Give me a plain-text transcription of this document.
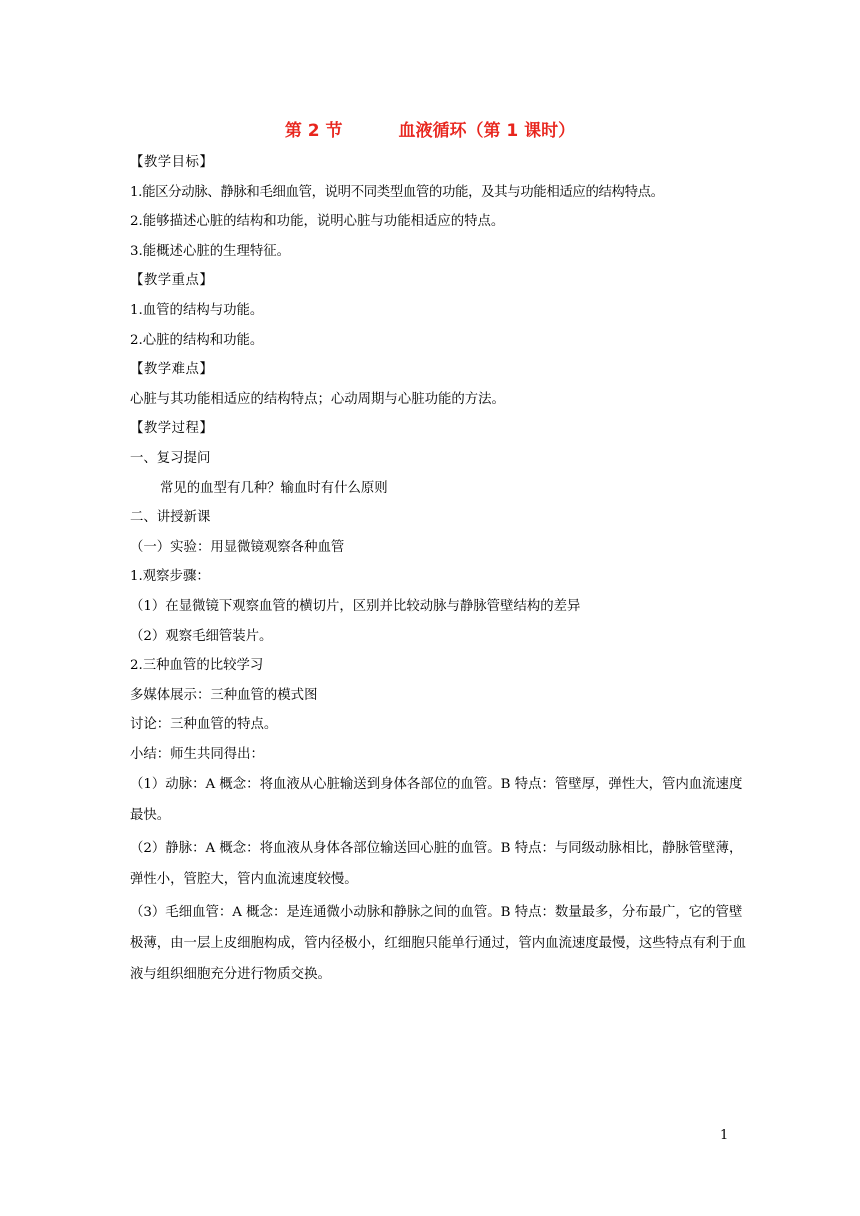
第 2 节	血液循环（第 1 课时）

【教学目标】

1.能区分动脉、静脉和毛细血管，说明不同类型血管的功能，及其与功能相适应的结构特点。

2.能够描述心脏的结构和功能，说明心脏与功能相适应的特点。

3.能概述心脏的生理特征。

【教学重点】

1.血管的结构与功能。

2.心脏的结构和功能。

【教学难点】

心脏与其功能相适应的结构特点；心动周期与心脏功能的方法。

【教学过程】

一、复习提问

常见的血型有几种？输血时有什么原则

二、讲授新课

（一）实验：用显微镜观察各种血管

1.观察步骤：

（1）在显微镜下观察血管的横切片，区别并比较动脉与静脉管壁结构的差异

（2）观察毛细管装片。

2.三种血管的比较学习

多媒体展示：三种血管的模式图

讨论：三种血管的特点。

小结：师生共同得出：

（1）动脉：A 概念：将血液从心脏输送到身体各部位的血管。B 特点：管壁厚，弹性大，管内血流速度最快。

（2）静脉：A 概念：将血液从身体各部位输送回心脏的血管。B 特点：与同级动脉相比，静脉管壁薄，弹性小，管腔大，管内血流速度较慢。

（3）毛细血管：A 概念：是连通微小动脉和静脉之间的血管。B 特点：数量最多，分布最广，它的管壁极薄，由一层上皮细胞构成，管内径极小，红细胞只能单行通过，管内血流速度最慢，这些特点有利于血液与组织细胞充分进行物质交换。

1
